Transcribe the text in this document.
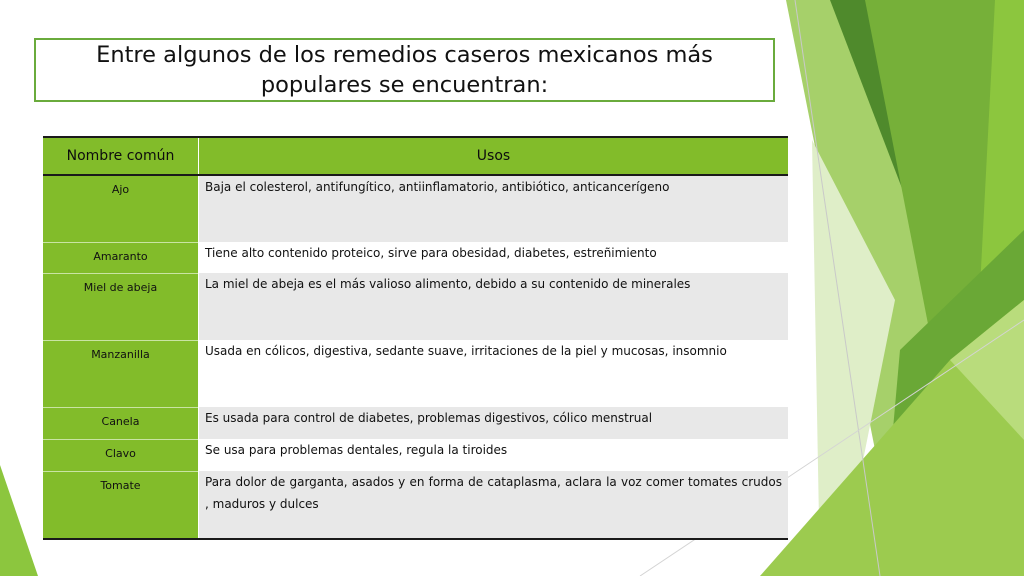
Entre algunos de los remedios caseros mexicanos más populares se encuentran:
Nombre común	Usos
Ajo	Baja el colesterol, antifungítico, antiinflamatorio, antibiótico, anticancerígeno
Amaranto	Tiene alto contenido proteico, sirve para obesidad, diabetes, estreñimiento
Miel de abeja	La miel de abeja es el más valioso alimento, debido a su contenido de minerales
Manzanilla	Usada en cólicos, digestiva, sedante suave, irritaciones de la piel y mucosas, insomnio
Canela	Es usada para control de diabetes, problemas digestivos, cólico menstrual
Clavo	Se usa para problemas dentales, regula la tiroides
Tomate	Para dolor de garganta, asados y en forma de cataplasma, aclara la voz comer tomates crudos , maduros y dulces
